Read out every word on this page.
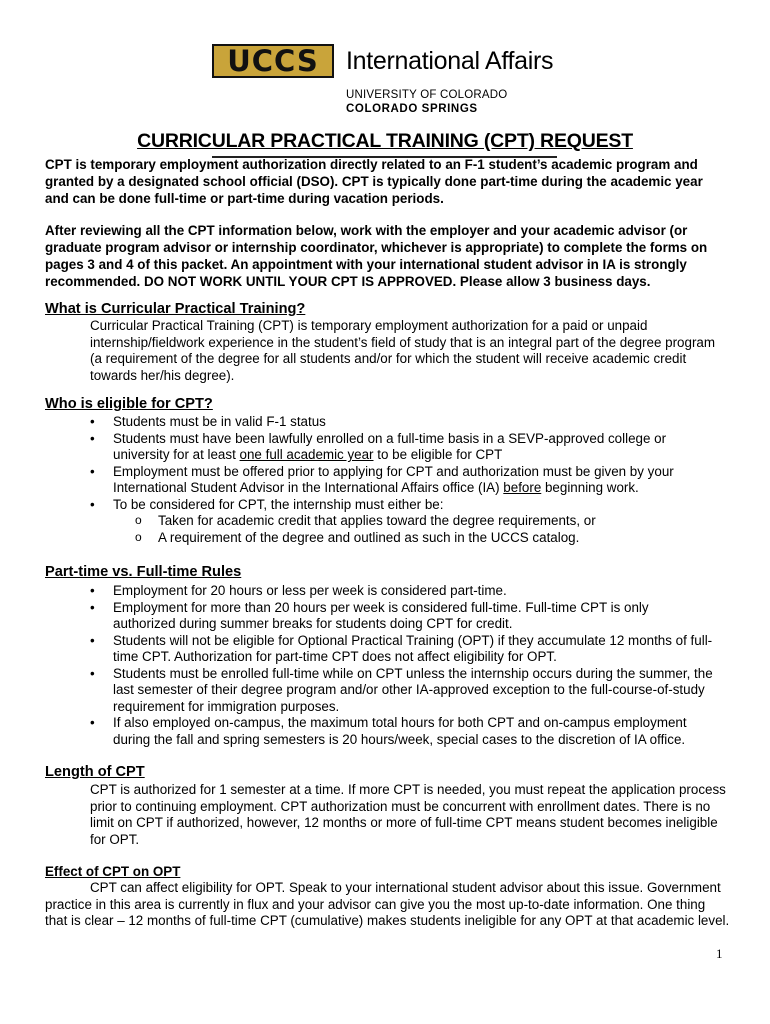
UCCS	International Affairs
UNIVERSITY OF COLORADO
COLORADO SPRINGS
CURRICULAR PRACTICAL TRAINING (CPT) REQUEST

CPT is temporary employment authorization directly related to an F-1 student’s academic program and granted by a designated school official (DSO). CPT is typically done part-time during the academic year and can be done full-time or part-time during vacation periods.

After reviewing all the CPT information below, work with the employer and your academic advisor (or graduate program advisor or internship coordinator, whichever is appropriate) to complete the forms on pages 3 and 4 of this packet. An appointment with your international student advisor in IA is strongly recommended. DO NOT WORK UNTIL YOUR CPT IS APPROVED. Please allow 3 business days.

What is Curricular Practical Training?

Curricular Practical Training (CPT) is temporary employment authorization for a paid or unpaid internship/fieldwork experience in the student’s field of study that is an integral part of the degree program (a requirement of the degree for all students and/or for which the student will receive academic credit towards her/his degree).

Who is eligible for CPT?
• Students must be in valid F-1 status
• Students must have been lawfully enrolled on a full-time basis in a SEVP-approved college or university for at least one full academic year to be eligible for CPT
• Employment must be offered prior to applying for CPT and authorization must be given by your International Student Advisor in the International Affairs office (IA) before beginning work.
• To be considered for CPT, the internship must either be:
o Taken for academic credit that applies toward the degree requirements, or
o A requirement of the degree and outlined as such in the UCCS catalog.
Part-time vs. Full-time Rules
• Employment for 20 hours or less per week is considered part-time.
• Employment for more than 20 hours per week is considered full-time. Full-time CPT is only authorized during summer breaks for students doing CPT for credit.
• Students will not be eligible for Optional Practical Training (OPT) if they accumulate 12 months of full-time CPT. Authorization for part-time CPT does not affect eligibility for OPT.
• Students must be enrolled full-time while on CPT unless the internship occurs during the summer, the last semester of their degree program and/or other IA-approved exception to the full-course-of-study requirement for immigration purposes.
• If also employed on-campus, the maximum total hours for both CPT and on-campus employment during the fall and spring semesters is 20 hours/week, special cases to the discretion of IA office.
Length of CPT

CPT is authorized for 1 semester at a time. If more CPT is needed, you must repeat the application process prior to continuing employment. CPT authorization must be concurrent with enrollment dates. There is no limit on CPT if authorized, however, 12 months or more of full-time CPT means student becomes ineligible for OPT.

Effect of CPT on OPT

CPT can affect eligibility for OPT. Speak to your international student advisor about this issue. Government practice in this area is currently in flux and your advisor can give you the most up-to-date information. One thing that is clear – 12 months of full-time CPT (cumulative) makes students ineligible for any OPT at that academic level.

1
